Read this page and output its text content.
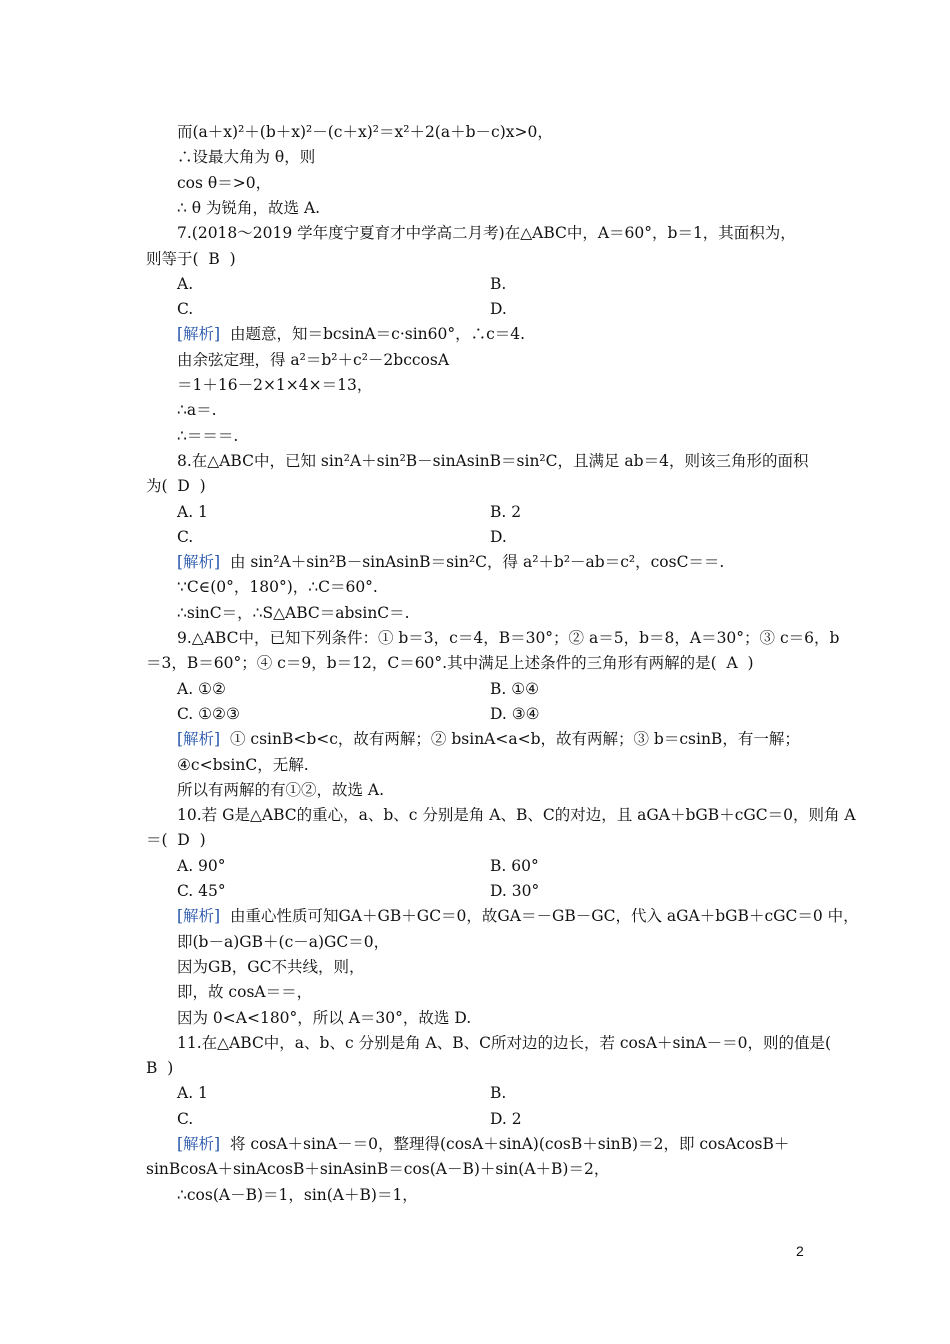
而(a＋x)²＋(b＋x)²－(c＋x)²＝x²＋2(a＋b－c)x>0，
∴设最大角为 θ，则
cos θ＝>0，
∴ θ 为锐角，故选 A.
7.(2018～2019 学年度宁夏育才中学高二月考)在△ABC中，A＝60°，b＝1，其面积为，
则等于(  B  )
A.	B.
C.	D.
[解析]  由题意，知＝bcsinA＝c·sin60°，∴c＝4.
由余弦定理，得 a²＝b²＋c²－2bccosA
＝1＋16－2×1×4×＝13，
∴a＝.
∴＝＝＝.
8.在△ABC中，已知 sin²A＋sin²B－sinAsinB＝sin²C，且满足 ab＝4，则该三角形的面积
为(  D  )
A. 1	B. 2
C.	D.
[解析]  由 sin²A＋sin²B－sinAsinB＝sin²C，得 a²＋b²－ab＝c²，cosC＝＝.
∵C∈(0°，180°)，∴C＝60°.
∴sinC＝，∴S△ABC＝absinC＝.
9.△ABC中，已知下列条件：① b＝3，c＝4，B＝30°；② a＝5，b＝8，A＝30°；③ c＝6，b
＝3，B＝60°；④ c＝9，b＝12，C＝60°.其中满足上述条件的三角形有两解的是(  A  )
A. ①②	B. ①④
C. ①②③	D. ③④
[解析]  ① csinB<b<c，故有两解；② bsinA<a<b，故有两解；③ b＝csinB，有一解；
④c<bsinC，无解.
所以有两解的有①②，故选 A.
10.若 G是△ABC的重心，a、b、c 分别是角 A、B、C的对边，且 aGA＋bGB＋cGC＝0，则角 A
＝(  D  )
A. 90°	B. 60°
C. 45°	D. 30°
[解析]  由重心性质可知GA＋GB＋GC＝0，故GA＝－GB－GC，代入 aGA＋bGB＋cGC＝0 中，
即(b－a)GB＋(c－a)GC＝0，
因为GB，GC不共线，则，
即，故 cosA＝＝，
因为 0<A<180°，所以 A＝30°，故选 D.
11.在△ABC中，a、b、c 分别是角 A、B、C所对边的边长，若 cosA＋sinA－＝0，则的值是(
B  )
A. 1	B.
C.	D. 2
[解析]  将 cosA＋sinA－＝0，整理得(cosA＋sinA)(cosB＋sinB)＝2，即 cosAcosB＋
sinBcosA＋sinAcosB＋sinAsinB＝cos(A－B)＋sin(A＋B)＝2，
∴cos(A－B)＝1，sin(A＋B)＝1，
2
